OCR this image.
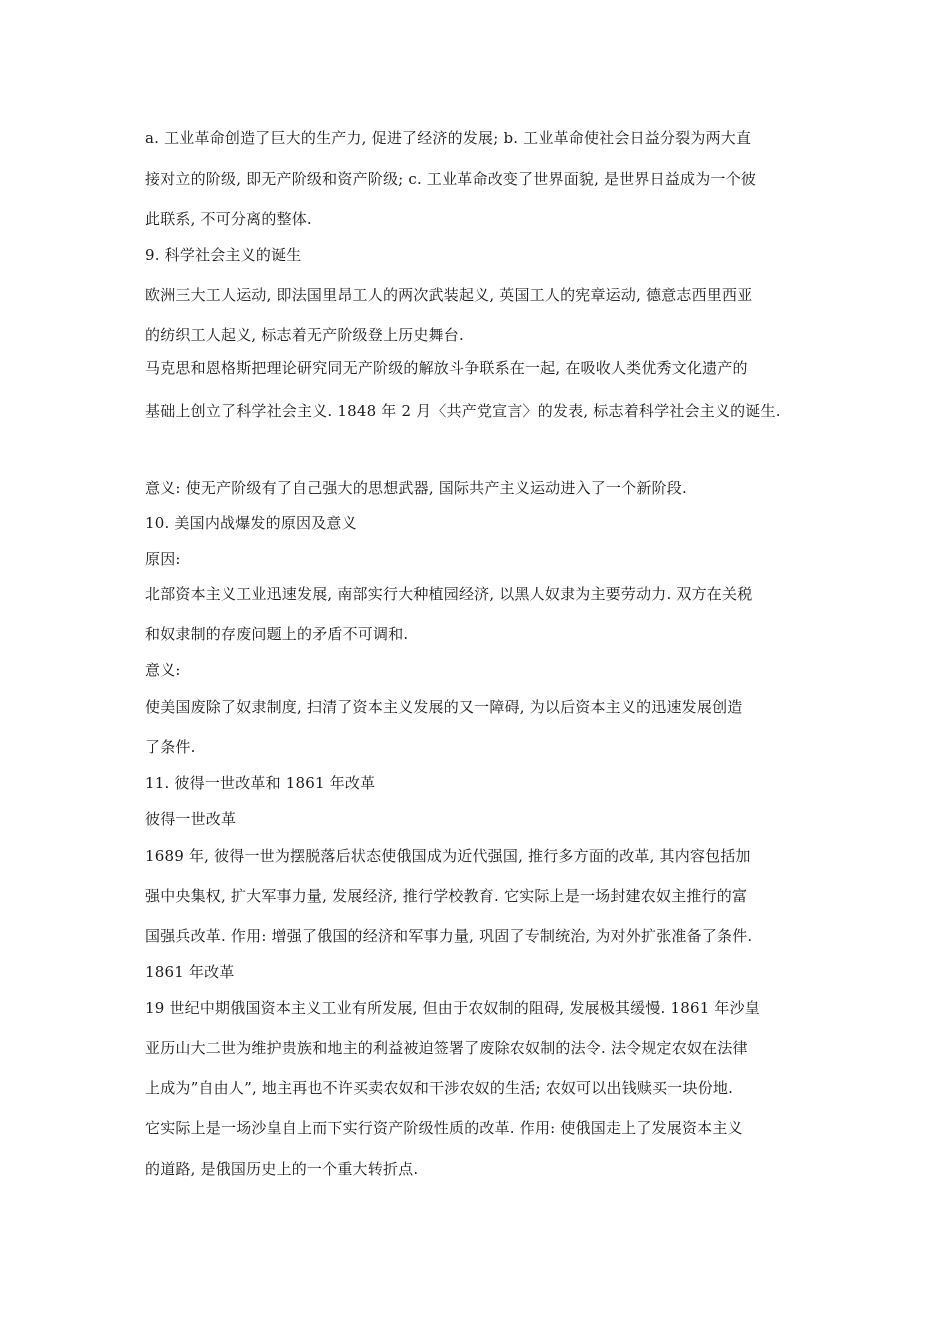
a. 工业革命创造了巨大的生产力, 促进了经济的发展; b. 工业革命使社会日益分裂为两大直
接对立的阶级, 即无产阶级和资产阶级; c. 工业革命改变了世界面貌, 是世界日益成为一个彼
此联系, 不可分离的整体.
9. 科学社会主义的诞生
欧洲三大工人运动, 即法国里昂工人的两次武装起义, 英国工人的宪章运动, 德意志西里西亚
的纺织工人起义, 标志着无产阶级登上历史舞台.
马克思和恩格斯把理论研究同无产阶级的解放斗争联系在一起, 在吸收人类优秀文化遗产的
基础上创立了科学社会主义. 1848 年 2 月〈共产党宣言〉的发表, 标志着科学社会主义的诞生.
意义: 使无产阶级有了自己强大的思想武器, 国际共产主义运动进入了一个新阶段.
10. 美国内战爆发的原因及意义
原因:
北部资本主义工业迅速发展, 南部实行大种植园经济, 以黑人奴隶为主要劳动力. 双方在关税
和奴隶制的存废问题上的矛盾不可调和.
意义:
使美国废除了奴隶制度, 扫清了资本主义发展的又一障碍, 为以后资本主义的迅速发展创造
了条件.
11. 彼得一世改革和 1861 年改革
彼得一世改革
1689 年, 彼得一世为摆脱落后状态使俄国成为近代强国, 推行多方面的改革, 其内容包括加
强中央集权, 扩大军事力量, 发展经济, 推行学校教育. 它实际上是一场封建农奴主推行的富
国强兵改革. 作用: 增强了俄国的经济和军事力量, 巩固了专制统治, 为对外扩张准备了条件.
1861 年改革
19 世纪中期俄国资本主义工业有所发展, 但由于农奴制的阻碍, 发展极其缓慢. 1861 年沙皇
亚历山大二世为维护贵族和地主的利益被迫签署了废除农奴制的法令. 法令规定农奴在法律
上成为”自由人”, 地主再也不许买卖农奴和干涉农奴的生活; 农奴可以出钱赎买一块份地.
它实际上是一场沙皇自上而下实行资产阶级性质的改革. 作用: 使俄国走上了发展资本主义
的道路, 是俄国历史上的一个重大转折点.
